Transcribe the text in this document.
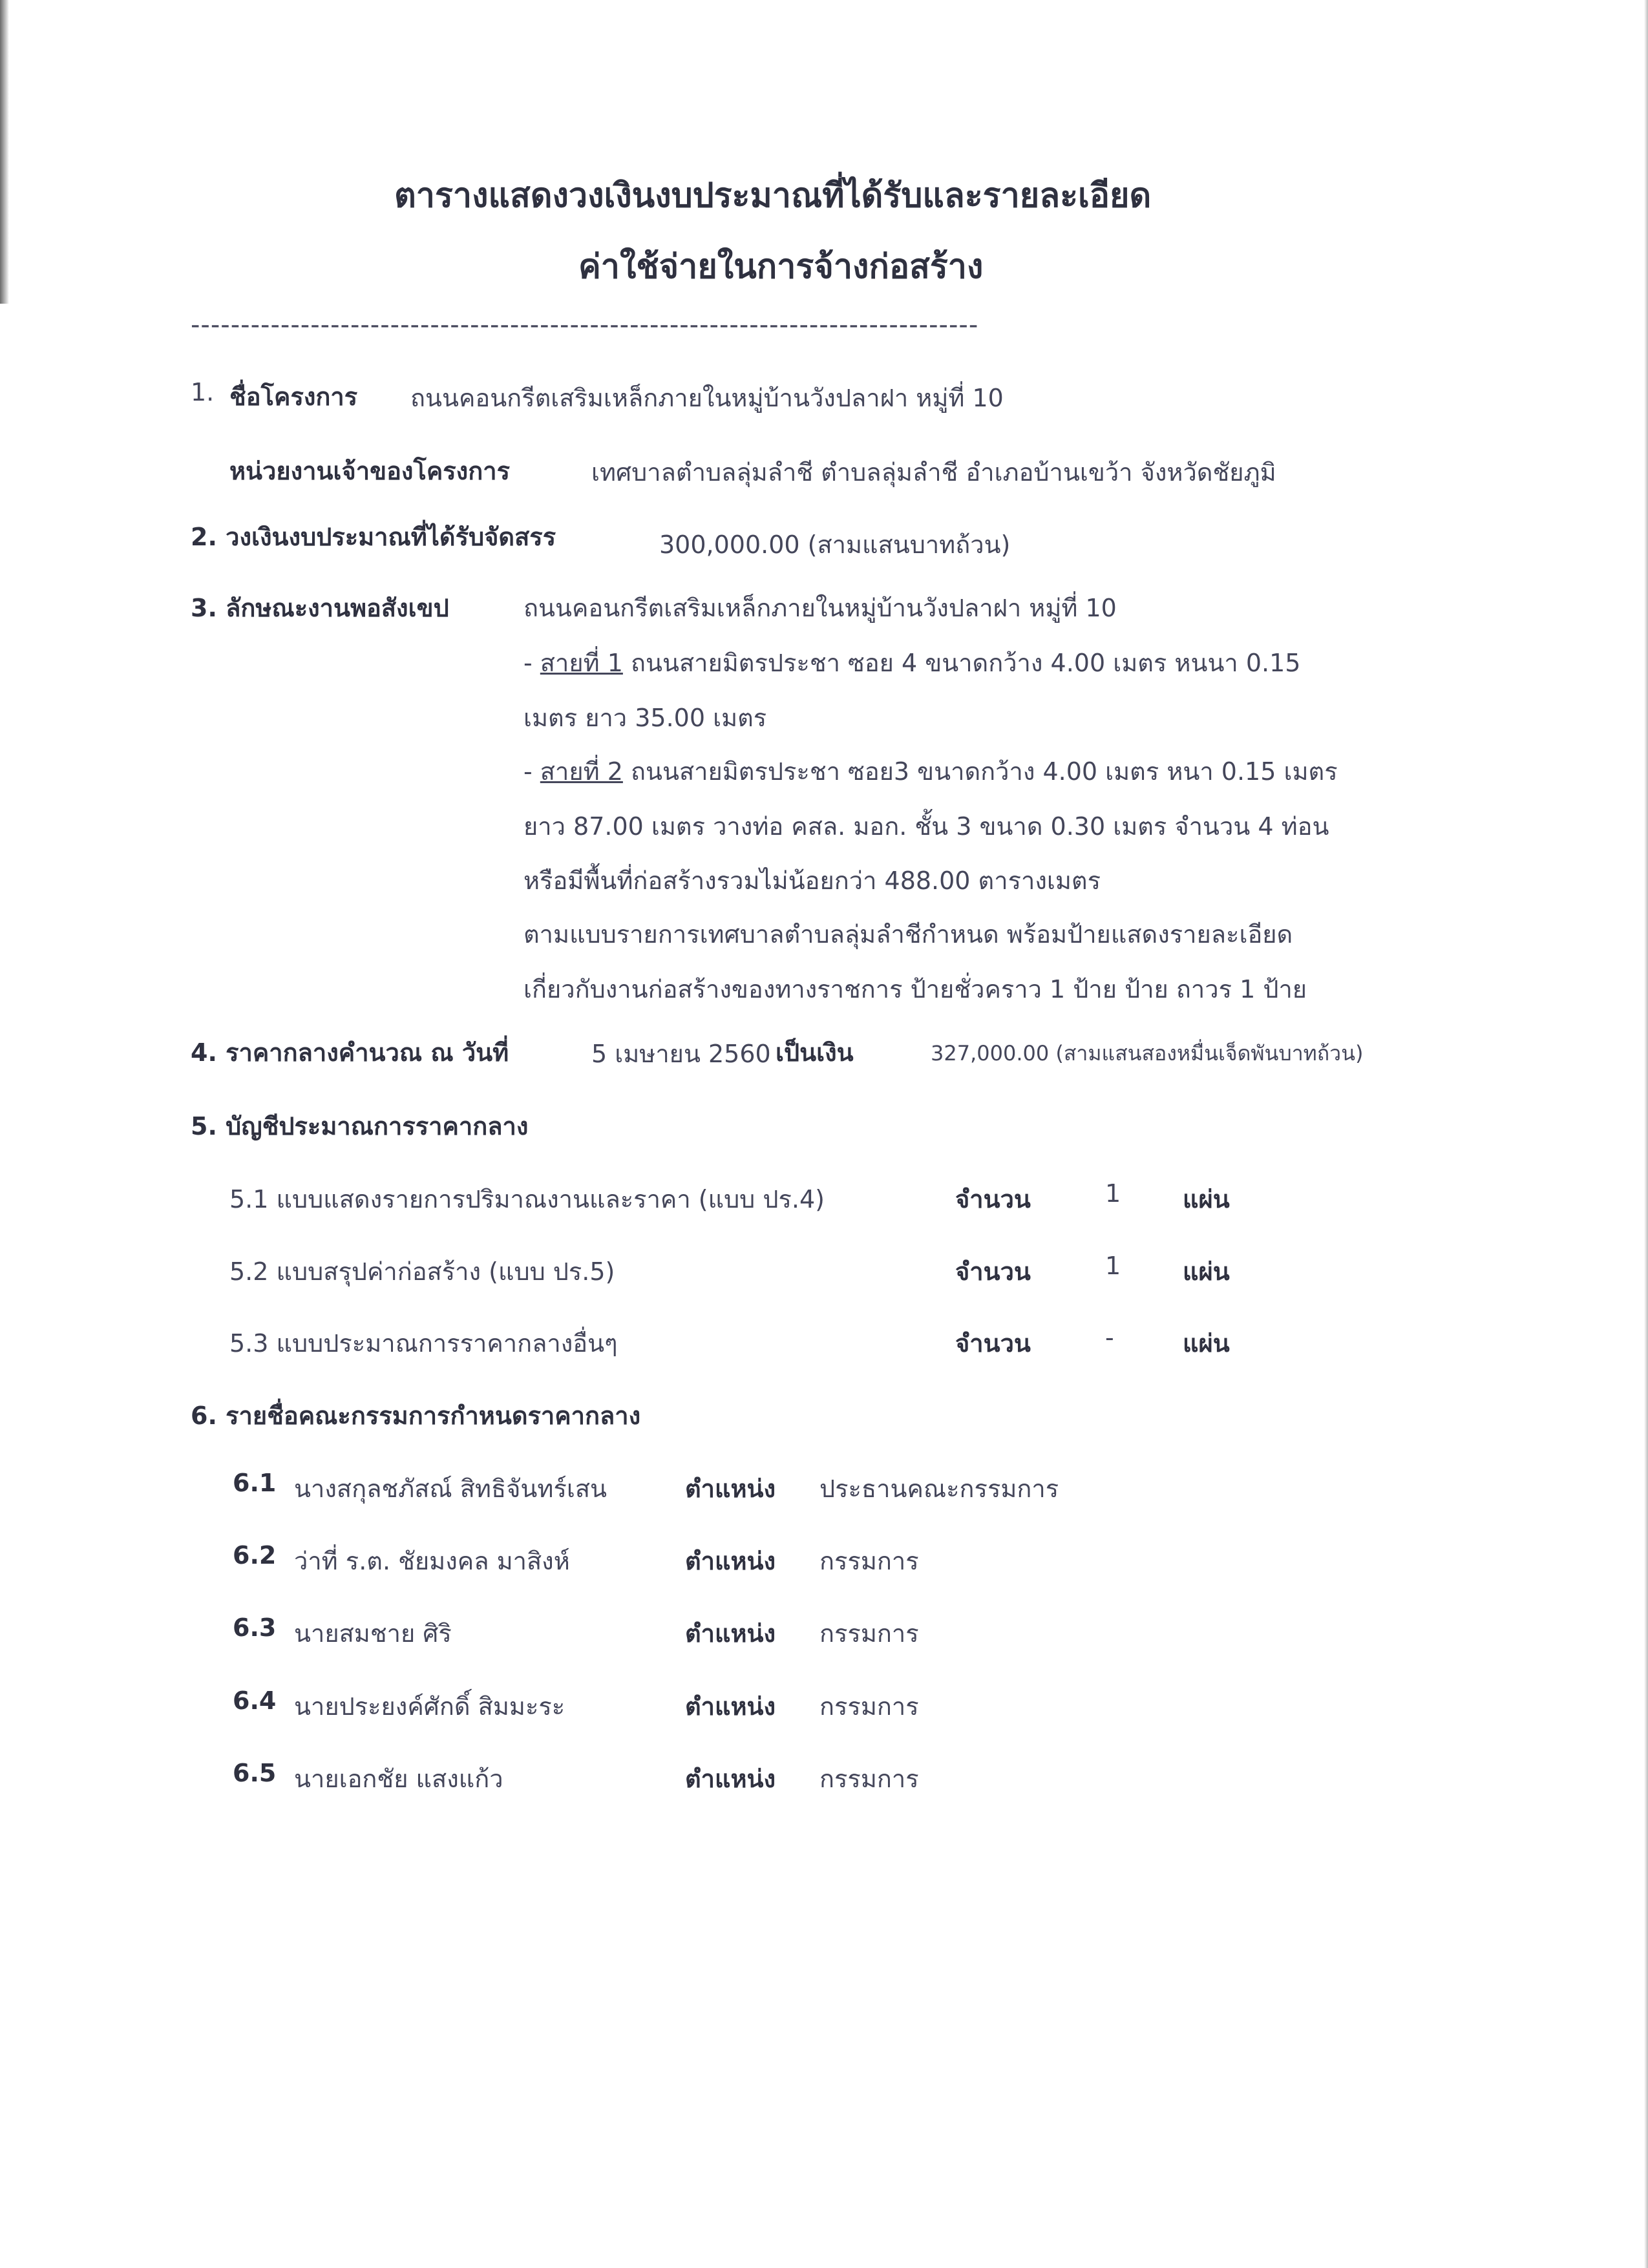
ตารางแสดงวงเงินงบประมาณที่ได้รับและรายละเอียด
ค่าใช้จ่ายในการจ้างก่อสร้าง
-------------------------------------------------------------------------------
1. ชื่อโครงการ ถนนคอนกรีตเสริมเหล็กภายในหมู่บ้านวังปลาฝา หมู่ที่ 10
หน่วยงานเจ้าของโครงการ	เทศบาลตำบลลุ่มลำชี ตำบลลุ่มลำชี อำเภอบ้านเขว้า จังหวัดชัยภูมิ
2. วงเงินงบประมาณที่ได้รับจัดสรร	300,000.00 (สามแสนบาทถ้วน)
3. ลักษณะงานพอสังเขป	ถนนคอนกรีตเสริมเหล็กภายในหมู่บ้านวังปลาฝา หมู่ที่ 10
- สายที่ 1 ถนนสายมิตรประชา ซอย 4 ขนาดกว้าง 4.00 เมตร หนนา 0.15
เมตร ยาว 35.00 เมตร
- สายที่ 2 ถนนสายมิตรประชา ซอย3 ขนาดกว้าง 4.00 เมตร หนา 0.15 เมตร
ยาว 87.00 เมตร วางท่อ คสล. มอก. ชั้น 3 ขนาด 0.30 เมตร จำนวน 4 ท่อน
หรือมีพื้นที่ก่อสร้างรวมไม่น้อยกว่า 488.00 ตารางเมตร
ตามแบบรายการเทศบาลตำบลลุ่มลำชีกำหนด พร้อมป้ายแสดงรายละเอียด
เกี่ยวกับงานก่อสร้างของทางราชการ ป้ายชั่วคราว 1 ป้าย ป้าย ถาวร 1 ป้าย
4. ราคากลางคำนวณ ณ วันที่	5 เมษายน 2560 เป็นเงิน	327,000.00 (สามแสนสองหมื่นเจ็ดพันบาทถ้วน)
5. บัญชีประมาณการราคากลาง
5.1 แบบแสดงรายการปริมาณงานและราคา (แบบ ปร.4)	จำนวน	1	แผ่น
5.2 แบบสรุปค่าก่อสร้าง (แบบ ปร.5)	จำนวน	1	แผ่น
5.3 แบบประมาณการราคากลางอื่นๆ	จำนวน	-	แผ่น
6. รายชื่อคณะกรรมการกำหนดราคากลาง
6.1 นางสกุลชภัสณ์ สิทธิจันทร์เสน	ตำแหน่ง ประธานคณะกรรมการ
6.2 ว่าที่ ร.ต. ชัยมงคล มาสิงห์	ตำแหน่ง กรรมการ
6.3 นายสมชาย ศิริ	ตำแหน่ง กรรมการ
6.4 นายประยงค์ศักดิ์ สิมมะระ	ตำแหน่ง กรรมการ
6.5 นายเอกชัย แสงแก้ว	ตำแหน่ง กรรมการ
